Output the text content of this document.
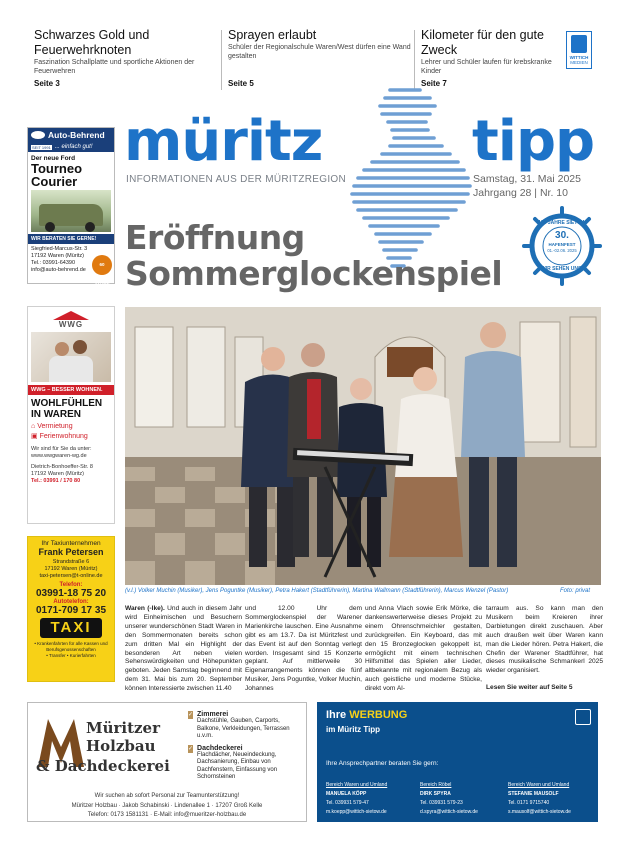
Schwarzes Gold und Feuerwehrknoten

Faszination Schallplatte und sportliche Aktionen der Feuerwehren

Seite 3
Sprayen erlaubt

Schüler der Regionalschule Waren/West dürfen eine Wand gestalten

Seite 5
Kilometer für den gute Zweck

Lehrer und Schüler laufen für krebskranke Kinder

Seite 7
WITTICH
MEDIEN
Auto-Behrend
SEIT 1991 ... einfach gut!
Der neue Ford
Tourneo
Courier
WIR BERATEN SIE GERNE!
Siegfried-Marcus-Str. 3
17192 Waren (Müritz)
Tel.: 03991-64390
info@auto-behrend.de
60 JAHRE
müritz	tipp
INFORMATIONEN AUS DER MÜRITZREGION	Samstag, 31. Mai 2025
Jahrgang 28 | Nr. 10
Eröffnung
Sommerglockenspiel
125 JAHRE SIETOW
30.
HAFENFEST
01.-02.06. 2025
WIR SEHEN UNS!
WWG
WWG – BESSER WOHNEN.
WOHLFÜHLEN
IN WAREN
⌂ Vermietung
▣ Ferienwohnung
Wir sind für Sie da unter:
www.wwgwaren-wg.de
Dietrich-Bonhoeffer-Str. 8
17192 Waren (Müritz)
Tel.: 03991 / 170 80
Ihr Taxiunternehmen
Frank Petersen
Strandstraße 6
17192 Waren (Müritz)
taxi-petersen@t-online.de
Telefon:
03991-18 75 20
Autotelefon:
0171-709 17 35
TAXI
• Krankenfahrten für alle Kassen und Berufsgenossenschaften
• Transfer • Kurierfahrten
(v.l.) Volker Muchin (Musiker), Jens Poguntke (Musiker), Petra Hakert (Stadtführerin), Martina Wallmann (Stadtführerin), Marcus Wenzel (Pastor)	Foto: privat
Waren (-lke). Und auch in diesem Jahr wird Einheimischen und Besuchern unserer wunderschönen Stadt Waren in den Sommermonaten bereits schon zum dritten Mal ein Highlight der besonderen Art neben vielen Sehenswürdigkeiten und Höhepunkten geboten. Jeden Samstag beginnend mit dem 31. Mai bis zum 20. September können Interessierte zwischen 11.40
und 12.00 Uhr dem Sommerglockenspiel der Warener Marienkirche lauschen. Eine Ausnahme gibt es am 13.7. Da ist Müritzfest und das Event ist auf den Sonntag verlegt worden. Insgesamt sind 15 Konzerte geplant. Auf mittlerweile 30 Eigenarrangements können die fünf Musiker, Jens Poguntke, Volker Muchin, Johannes
und Anna Vlach sowie Erik Mörke, die dankenswerterweise dieses Projekt zu einem Ohrenschmeichler gestalten, zurückgreifen. Ein Keyboard, das mit den 15 Bronzeglocken gekoppelt ist, ermöglicht mit einem technischen Hilfsmittel das Spielen aller Lieder, altbekannte mit regionalem Bezug als auch geistliche und moderne Stücke, direkt vom Al-
tarraum aus. So kann man den Musikern beim Kreieren ihrer Darbietungen direkt zuschauen. Aber auch draußen weit über Waren kann man die Lieder hören. Petra Hakert, die Chefin der Warener Stadtführer, hat dieses musikalische Schmankerl 2025 wieder organisiert.
Lesen Sie weiter auf Seite 5
Müritzer
Holzbau
& Dachdeckerei
✓ Zimmerei
Dachstühle, Gauben, Carports, Balkone, Verkleidungen, Terrassen u.v.m.
✓ Dachdeckerei
Flachdächer, Neueindeckung, Dachsanierung, Einbau von Dachfenstern, Einfassung von Schornsteinen
Wir suchen ab sofort Personal zur Teamunterstützung!
Müritzer Holzbau · Jakob Schabinski · Lindenallee 1 · 17207 Groß Kelle
Telefon: 0173 1581131 · E-Mail: info@mueritzer-holzbau.de
Ihre WERBUNG
im Müritz Tipp
Ihre Ansprechpartner beraten Sie gern:
Bereich Waren und Umland
MANUELA KÖPP
Tel. 039931 579-47
m.koepp@wittich-sietow.de
Bereich Röbel
DIRK SPYRA
Tel. 039931 579-23
d.spyra@wittich-sietow.de
Bereich Waren und Umland
STEFANIE MAUSOLF
Tel. 0171 9715740
s.mausolf@wittich-sietow.de
